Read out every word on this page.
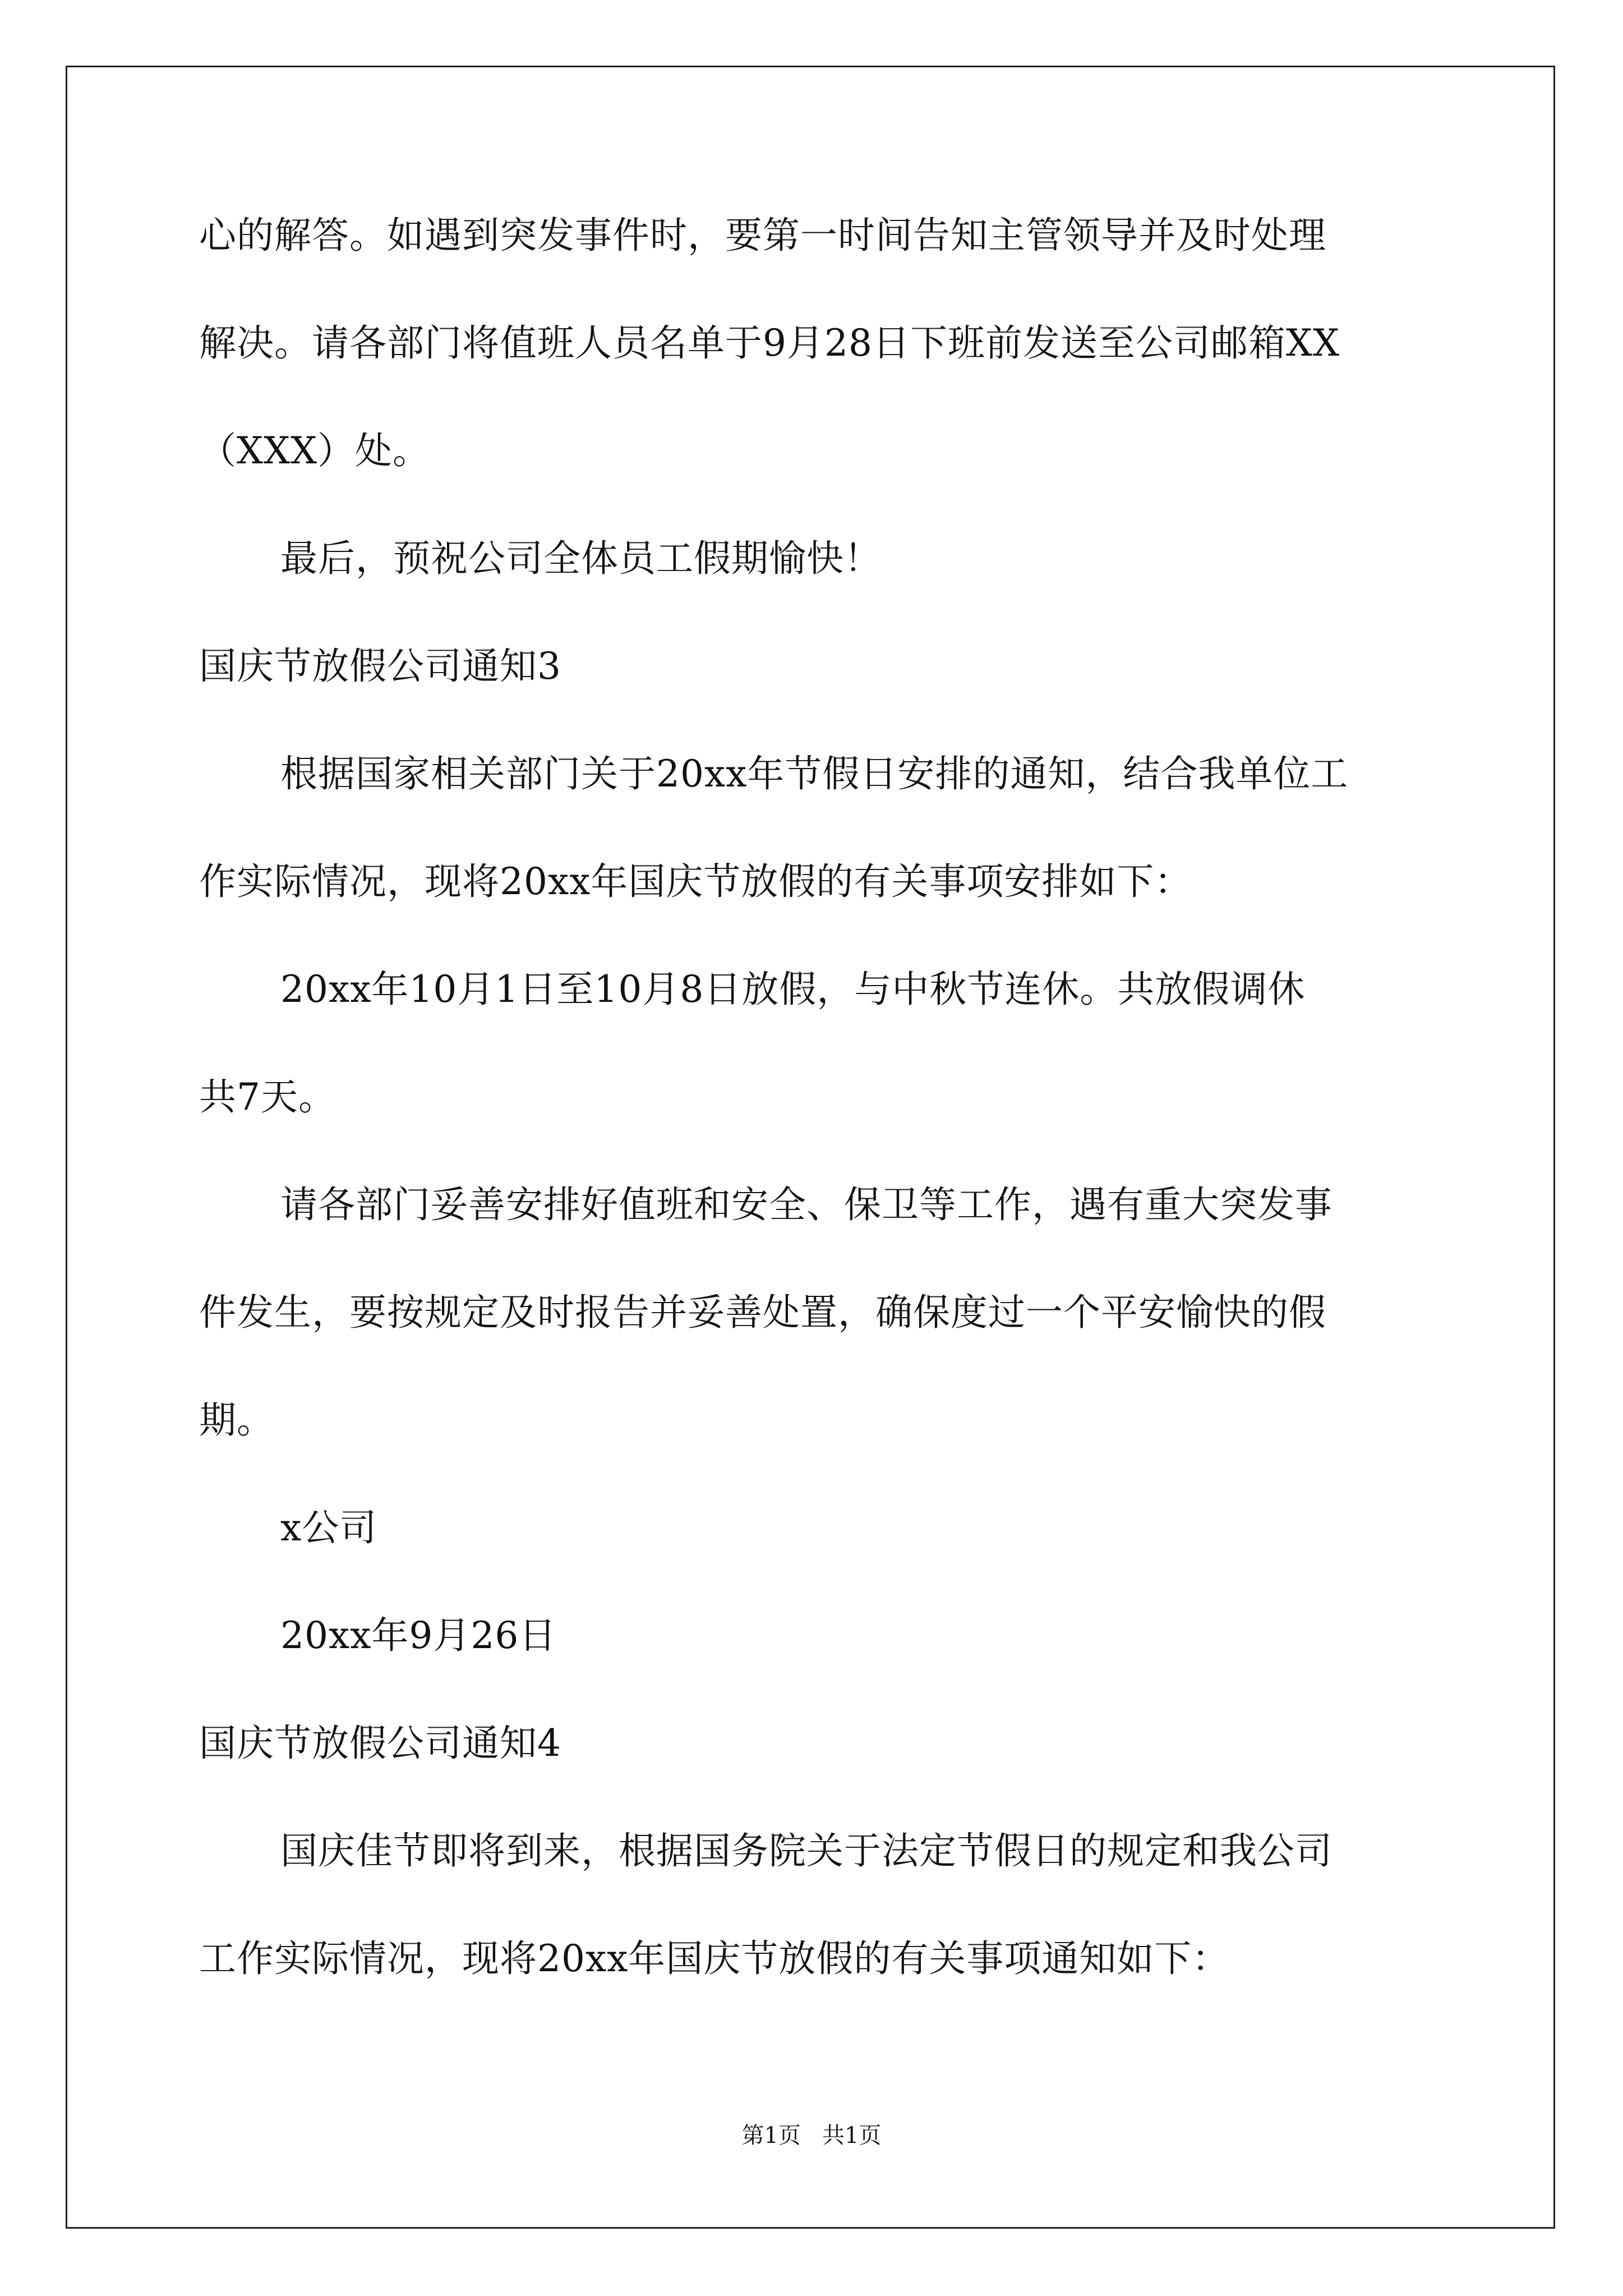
心的解答。如遇到突发事件时，要第一时间告知主管领导并及时处理
解决。请各部门将值班人员名单于9月28日下班前发送至公司邮箱XX
（XXX）处。
最后，预祝公司全体员工假期愉快！
国庆节放假公司通知3
根据国家相关部门关于20xx年节假日安排的通知，结合我单位工
作实际情况，现将20xx年国庆节放假的有关事项安排如下：
20xx年10月1日至10月8日放假，与中秋节连休。共放假调休
共7天。
请各部门妥善安排好值班和安全、保卫等工作，遇有重大突发事
件发生，要按规定及时报告并妥善处置，确保度过一个平安愉快的假
期。
x公司
20xx年9月26日
国庆节放假公司通知4
国庆佳节即将到来，根据国务院关于法定节假日的规定和我公司
工作实际情况，现将20xx年国庆节放假的有关事项通知如下：
第1页   共1页
